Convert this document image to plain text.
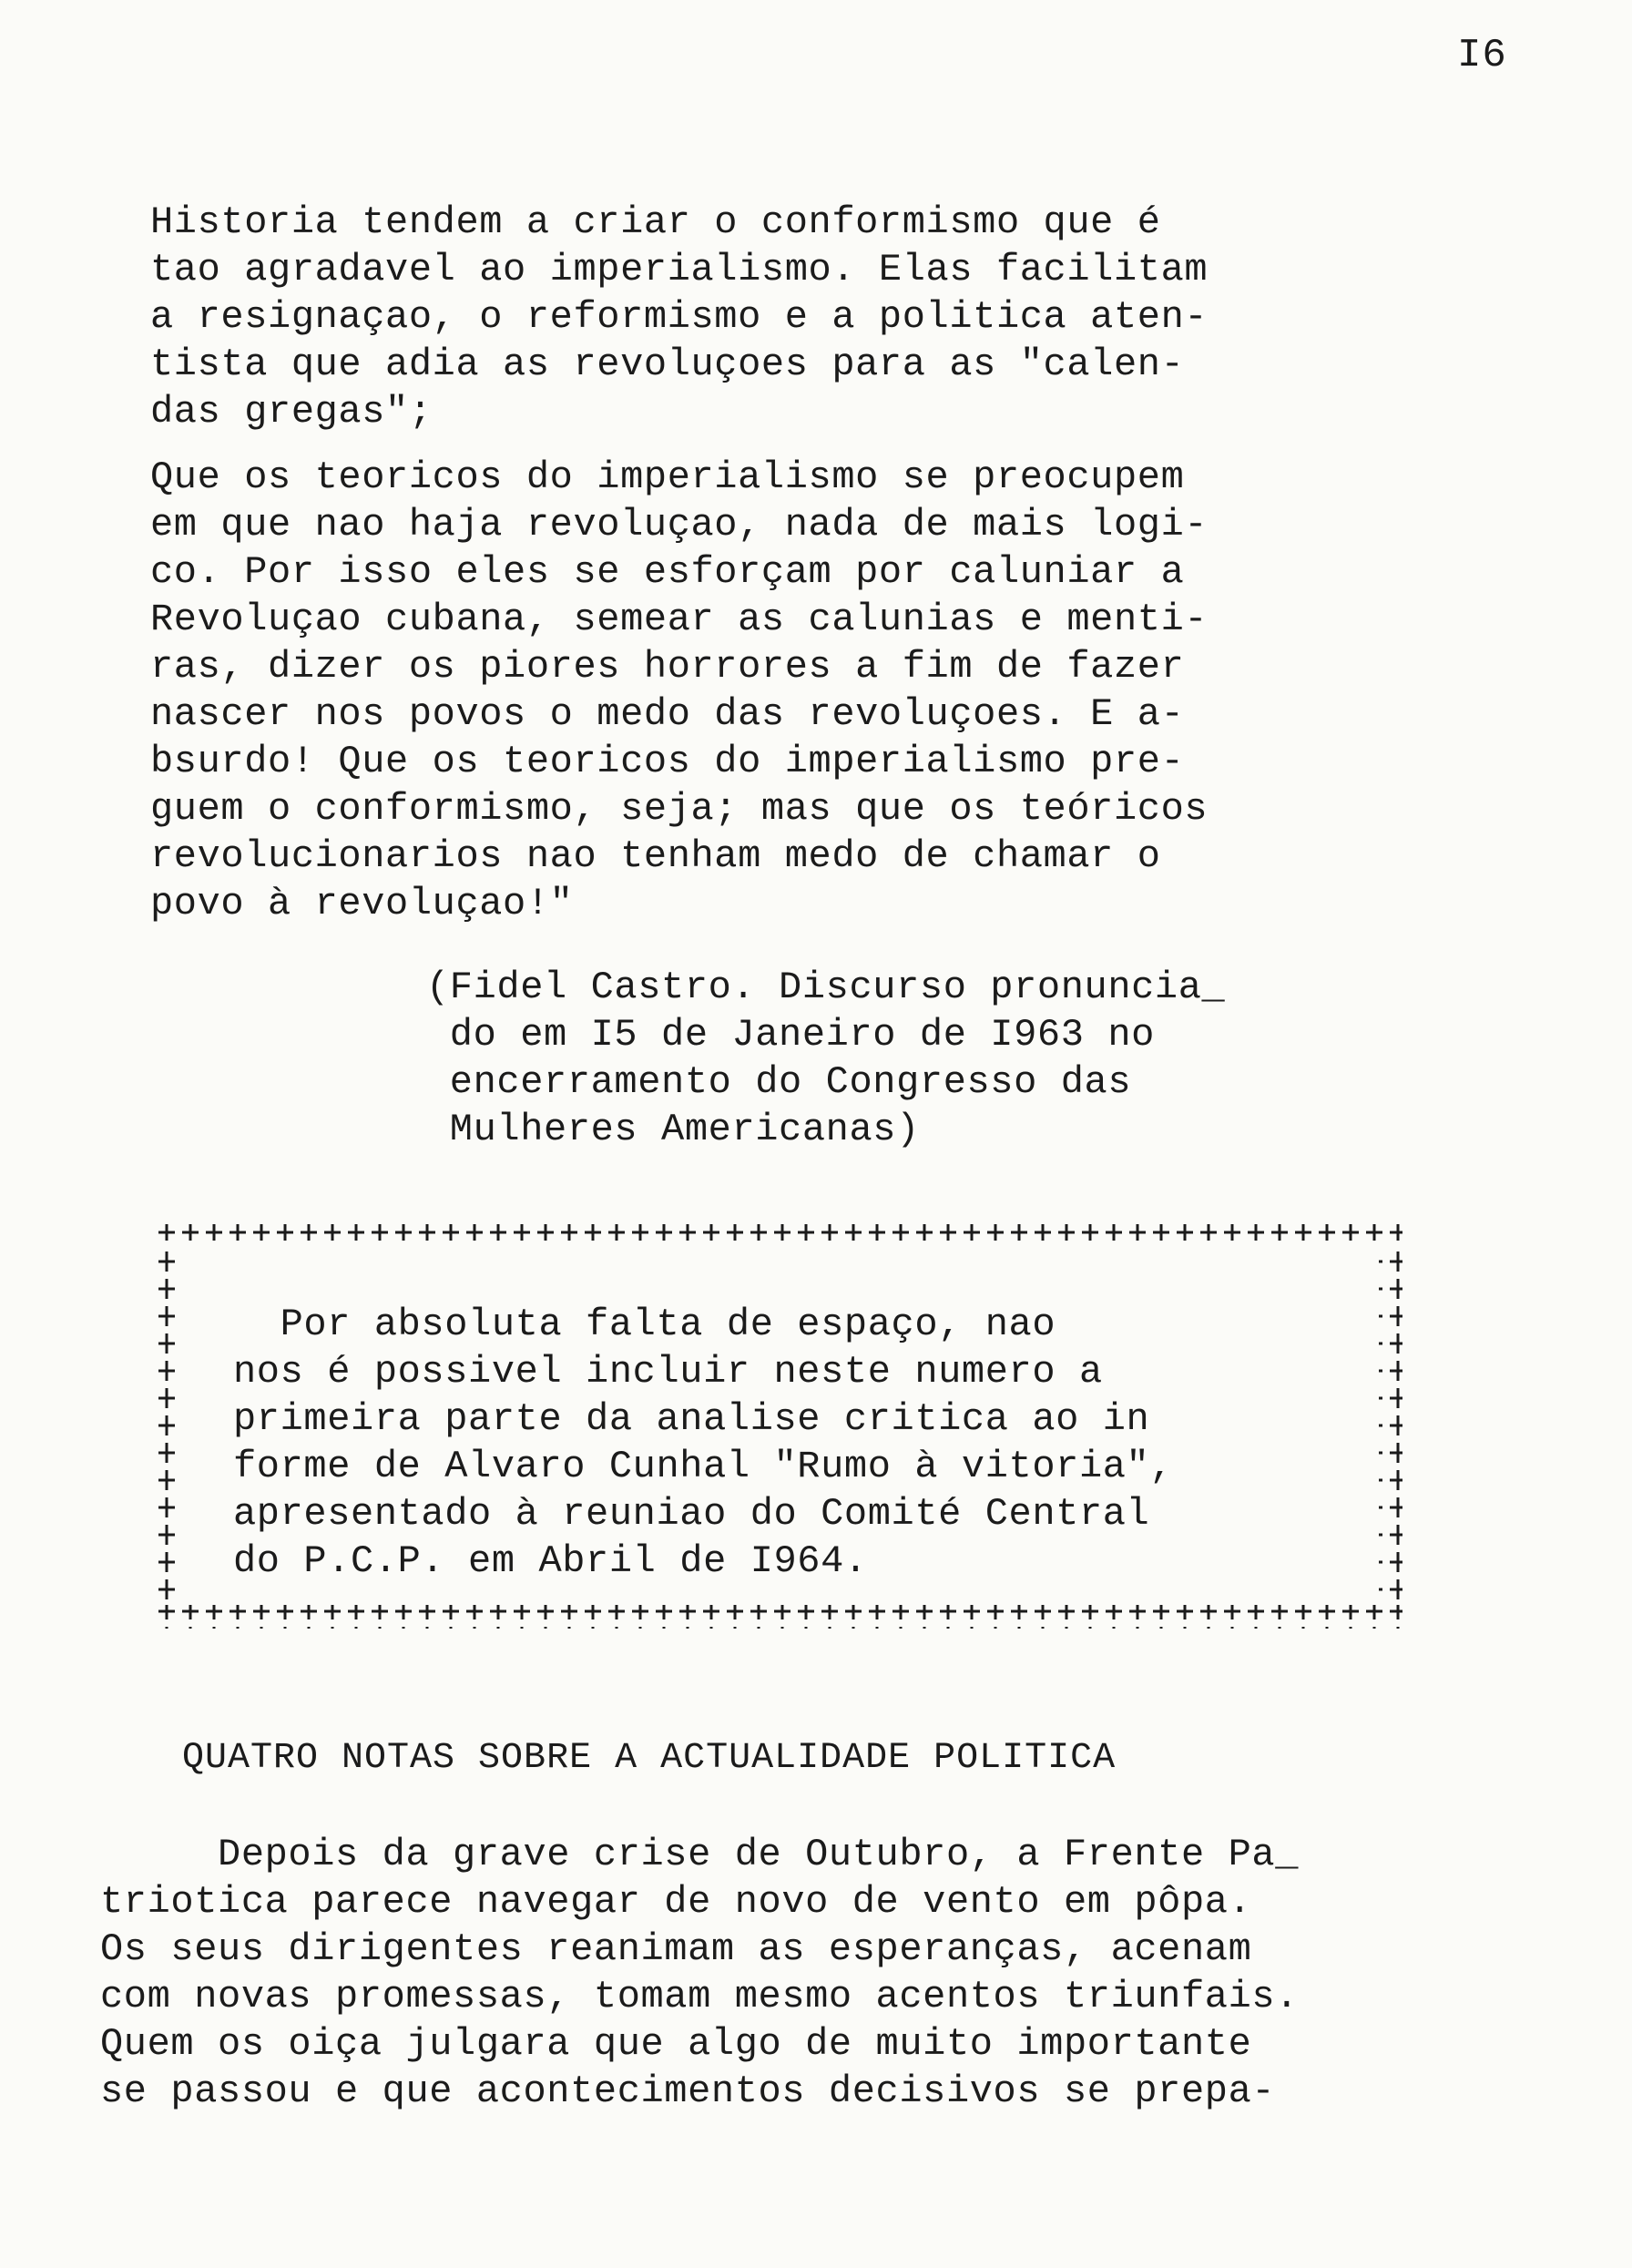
I6
Historia tendem a criar o conformismo que é
tao agradavel ao imperialismo. Elas facilitam
a resignaçao, o reformismo e a politica aten-
tista que adia as revoluçoes para as "calen-
das gregas";
Que os teoricos do imperialismo se preocupem
em que nao haja revoluçao, nada de mais logi-
co. Por isso eles se esforçam por caluniar a
Revoluçao cubana, semear as calunias e menti-
ras, dizer os piores horrores a fim de fazer
nascer nos povos o medo das revoluçoes. E a-
bsurdo! Que os teoricos do imperialismo pre-
guem o conformismo, seja; mas que os teóricos
revolucionarios nao tenham medo de chamar o
povo à revoluçao!"
(Fidel Castro. Discurso pronuncia_
do em I5 de Janeiro de I963 no
encerramento do Congresso das
Mulheres Americanas)
Por absoluta falta de espaço, nao
nos é possivel incluir neste numero a
primeira parte da analise critica ao in
forme de Alvaro Cunhal "Rumo à vitoria",
apresentado à reuniao do Comité Central
do P.C.P. em Abril de I964.
QUATRO NOTAS SOBRE A ACTUALIDADE POLITICA
Depois da grave crise de Outubro, a Frente Pa_
triotica parece navegar de novo de vento em pôpa.
Os seus dirigentes reanimam as esperanças, acenam
com novas promessas, tomam mesmo acentos triunfais.
Quem os oiça julgara que algo de muito importante
se passou e que acontecimentos decisivos se prepa-
